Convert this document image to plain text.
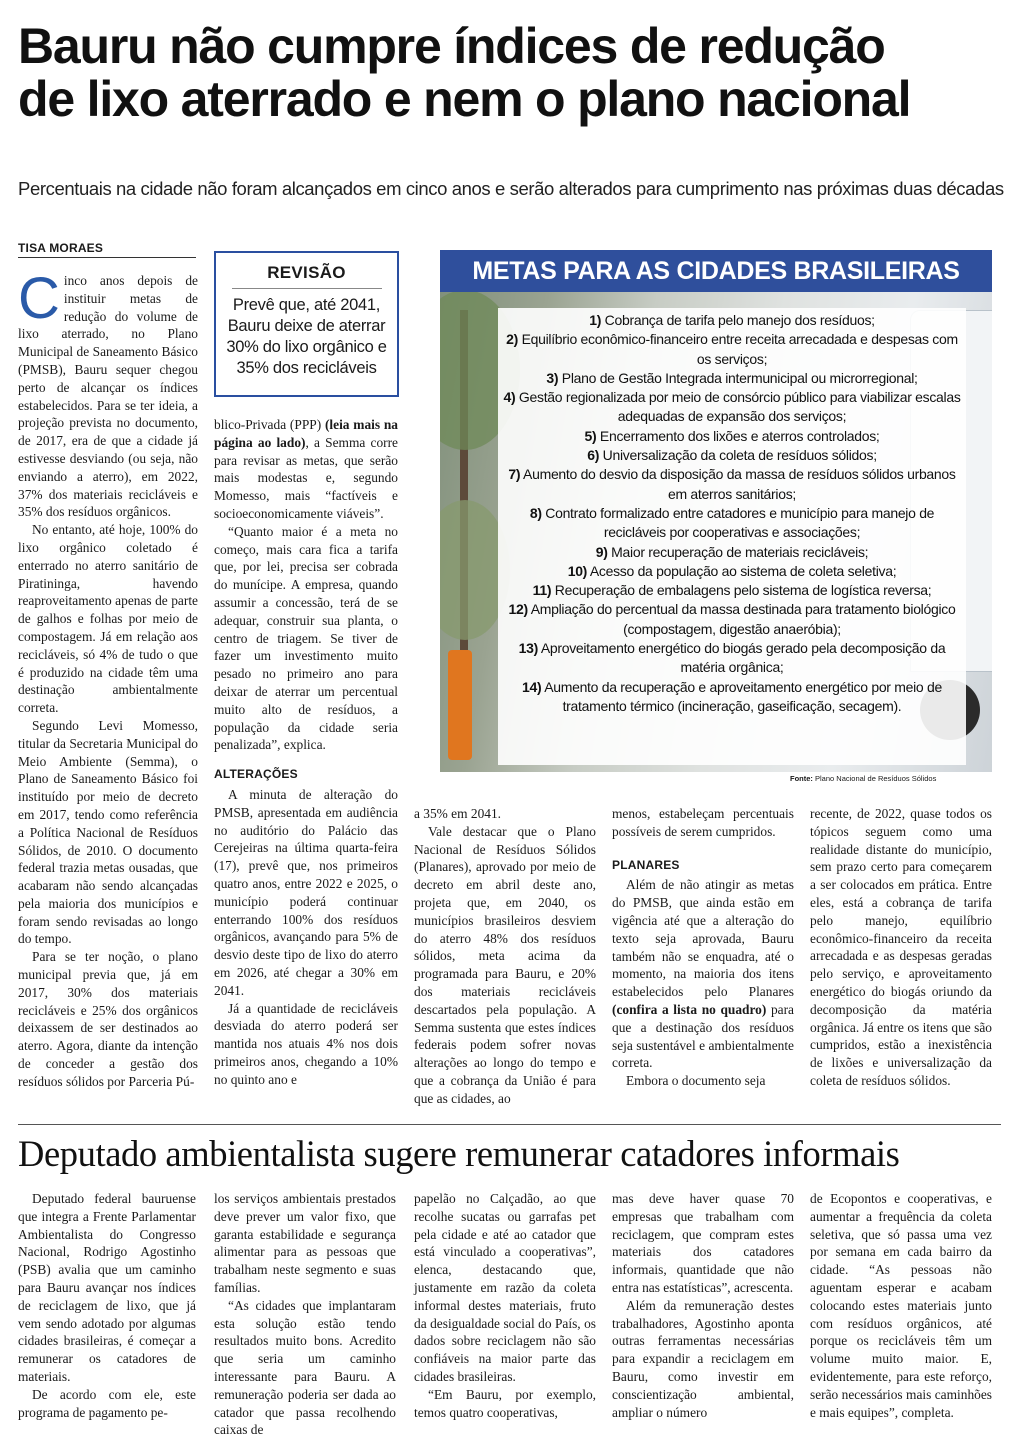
Bauru não cumpre índices de redução
de lixo aterrado e nem o plano nacional
Percentuais na cidade não foram alcançados em cinco anos e serão alterados para cumprimento nas próximas duas décadas
TISA MORAES

Cinco anos depois de instituir metas de redução do volume de lixo aterrado, no Plano Municipal de Saneamento Básico (PMSB), Bauru sequer chegou perto de alcançar os índices estabelecidos. Para se ter ideia, a projeção prevista no documento, de 2017, era de que a cidade já estivesse desviando (ou seja, não enviando a aterro), em 2022, 37% dos materiais recicláveis e 35% dos resíduos orgânicos.

No entanto, até hoje, 100% do lixo orgânico coletado é enterrado no aterro sanitário de Piratininga, havendo reaproveitamento apenas de parte de galhos e folhas por meio de compostagem. Já em relação aos recicláveis, só 4% de tudo o que é produzido na cidade têm uma destinação ambientalmente correta.

Segundo Levi Momesso, titular da Secretaria Municipal do Meio Ambiente (Semma), o Plano de Saneamento Básico foi instituído por meio de decreto em 2017, tendo como referência a Política Nacional de Resíduos Sólidos, de 2010. O documento federal trazia metas ousadas, que acabaram não sendo alcançadas pela maioria dos municípios e foram sendo revisadas ao longo do tempo.

Para se ter noção, o plano municipal previa que, já em 2017, 30% dos materiais recicláveis e 25% dos orgânicos deixassem de ser destinados ao aterro. Agora, diante da intenção de conceder a gestão dos resíduos sólidos por Parceria Pú-

REVISÃO
Prevê que, até 2041, Bauru deixe de aterrar 30% do lixo orgânico e 35% dos recicláveis

blico-Privada (PPP) (leia mais na página ao lado), a Semma corre para revisar as metas, que serão mais modestas e, segundo Momesso, mais “factíveis e socioeconomicamente viáveis”.

“Quanto maior é a meta no começo, mais cara fica a tarifa que, por lei, precisa ser cobrada do munícipe. A empresa, quando assumir a concessão, terá de se adequar, construir sua planta, o centro de triagem. Se tiver de fazer um investimento muito pesado no primeiro ano para deixar de aterrar um percentual muito alto de resíduos, a população da cidade seria penalizada”, explica.

ALTERAÇÕES

A minuta de alteração do PMSB, apresentada em audiência no auditório do Palácio das Cerejeiras na última quarta-feira (17), prevê que, nos primeiros quatro anos, entre 2022 e 2025, o município poderá continuar enterrando 100% dos resíduos orgânicos, avançando para 5% de desvio deste tipo de lixo do aterro em 2026, até chegar a 30% em 2041.

Já a quantidade de recicláveis desviada do aterro poderá ser mantida nos atuais 4% nos dois primeiros anos, chegando a 10% no quinto ano e

METAS PARA AS CIDADES BRASILEIRAS
1) Cobrança de tarifa pelo manejo dos resíduos;
2) Equilíbrio econômico-financeiro entre receita arrecadada e despesas com os serviços;
3) Plano de Gestão Integrada intermunicipal ou microrregional;
4) Gestão regionalizada por meio de consórcio público para viabilizar escalas adequadas de expansão dos serviços;
5) Encerramento dos lixões e aterros controlados;
6) Universalização da coleta de resíduos sólidos;
7) Aumento do desvio da disposição da massa de resíduos sólidos urbanos em aterros sanitários;
8) Contrato formalizado entre catadores e município para manejo de recicláveis por cooperativas e associações;
9) Maior recuperação de materiais recicláveis;
10) Acesso da população ao sistema de coleta seletiva;
11) Recuperação de embalagens pelo sistema de logística reversa;
12) Ampliação do percentual da massa destinada para tratamento biológico (compostagem, digestão anaeróbia);
13) Aproveitamento energético do biogás gerado pela decomposição da matéria orgânica;
14) Aumento da recuperação e aproveitamento energético por meio de tratamento térmico (incineração, gaseificação, secagem).
Fonte: Plano Nacional de Resíduos Sólidos

a 35% em 2041.

Vale destacar que o Plano Nacional de Resíduos Sólidos (Planares), aprovado por meio de decreto em abril deste ano, projeta que, em 2040, os municípios brasileiros desviem do aterro 48% dos resíduos sólidos, meta acima da programada para Bauru, e 20% dos materiais recicláveis descartados pela população. A Semma sustenta que estes índices federais podem sofrer novas alterações ao longo do tempo e que a cobrança da União é para que as cidades, ao

menos, estabeleçam percentuais possíveis de serem cumpridos.

PLANARES

Além de não atingir as metas do PMSB, que ainda estão em vigência até que a alteração do texto seja aprovada, Bauru também não se enquadra, até o momento, na maioria dos itens estabelecidos pelo Planares (confira a lista no quadro) para que a destinação dos resíduos seja sustentável e ambientalmente correta.

Embora o documento seja

recente, de 2022, quase todos os tópicos seguem como uma realidade distante do município, sem prazo certo para começarem a ser colocados em prática. Entre eles, está a cobrança de tarifa pelo manejo, equilíbrio econômico-financeiro da receita arrecadada e as despesas geradas pelo serviço, e aproveitamento energético do biogás oriundo da decomposição da matéria orgânica. Já entre os itens que são cumpridos, estão a inexistência de lixões e universalização da coleta de resíduos sólidos.

Deputado ambientalista sugere remunerar catadores informais

Deputado federal bauruense que integra a Frente Parlamentar Ambientalista do Congresso Nacional, Rodrigo Agostinho (PSB) avalia que um caminho para Bauru avançar nos índices de reciclagem de lixo, que já vem sendo adotado por algumas cidades brasileiras, é começar a remunerar os catadores de materiais.

De acordo com ele, este programa de pagamento pe-

los serviços ambientais prestados deve prever um valor fixo, que garanta estabilidade e segurança alimentar para as pessoas que trabalham neste segmento e suas famílias.

“As cidades que implantaram esta solução estão tendo resultados muito bons. Acredito que seria um caminho interessante para Bauru. A remuneração poderia ser dada ao catador que passa recolhendo caixas de

papelão no Calçadão, ao que recolhe sucatas ou garrafas pet pela cidade e até ao catador que está vinculado a cooperativas”, elenca, destacando que, justamente em razão da coleta informal destes materiais, fruto da desigualdade social do País, os dados sobre reciclagem não são confiáveis na maior parte das cidades brasileiras.

“Em Bauru, por exemplo, temos quatro cooperativas,

mas deve haver quase 70 empresas que trabalham com reciclagem, que compram estes materiais dos catadores informais, quantidade que não entra nas estatísticas”, acrescenta.

Além da remuneração destes trabalhadores, Agostinho aponta outras ferramentas necessárias para expandir a reciclagem em Bauru, como investir em conscientização ambiental, ampliar o número

de Ecopontos e cooperativas, e aumentar a frequência da coleta seletiva, que só passa uma vez por semana em cada bairro da cidade. “As pessoas não aguentam esperar e acabam colocando estes materiais junto com resíduos orgânicos, até porque os recicláveis têm um volume muito maior. E, evidentemente, para este reforço, serão necessários mais caminhões e mais equipes”, completa.
